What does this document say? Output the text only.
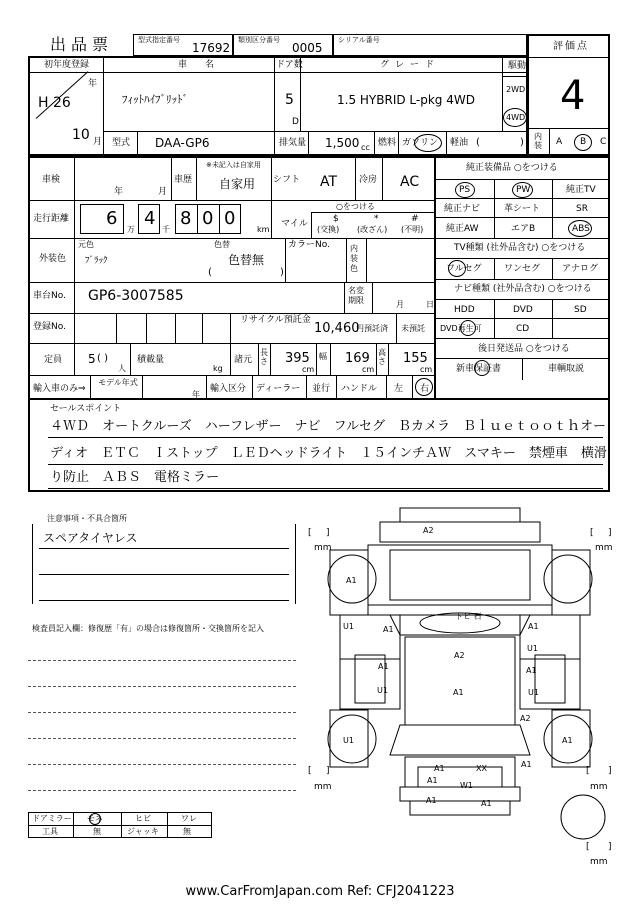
出品票	型式指定番号
17692
類別区分番号
0005
シリアル番号
評価点
4
内装 A B C
初年度登録
H 26
年
10 月
車名
ﾌｨｯﾄﾊｲﾌﾞﾘｯﾄﾞ
ドア数
5
D
グレード
1.5 HYBRID L-pkg 4WD
駆動
2WD
4WD
型式 DAA-GP6	排気量 1,500 cc 燃料 ガソリン 軽油 (	)
車検
年	月
車歴
※未記入は自家用
自家用 シフト AT 冷房 AC
走行距離 6
万
4
千
8 0 0
km
○をつける
マイル	$
(交換)
*
(改ざん)
#
(不明)
外装色
元色
ﾌﾞﾗｯｸ
色替
色替無
(	)
カラーNo.	内装色
車台No. GP6-3007585	名変期限	月	日
登録No.
リサイクル預託金
10,460
円預託済 未預託
定員 5 ( )
人
積載量
kg
諸元
長さ 395
cm
幅 169
cm
高さ 155
cm
輸入車のみ⇒
モデル年式
年
輸入区分 ディーラー 並行 ハンドル 左 右
純正装備品 ○をつける
PS	PW	純正TV
純正ナビ	革シート	SR
純正AW	エアB	ABS
TV種類 (社外品含む) ○をつける
フルセグ ワンセグ アナログ
ナビ種類 (社外品含む) ○をつける
HDD	DVD	SD
DVD再生可	CD
後日発送品 ○をつける
新車保証書	車輌取説
セールスポイント
４ＷＤ　オートクルーズ　ハーフレザー　ナビ　フルセグ　Ｂカメラ　Ｂｌｕｅｔｏｏｔｈオー
ディオ　ＥＴＣ　Ｉストップ　ＬＥＤヘッドライト　１５インチＡＷ　スマキー　禁煙車　横滑
り防止　ＡＢＳ　電格ミラー
注意事項・不具合箇所
スペアタイヤレス
検査員記入欄：修復歴「有」の場合は修復箇所・交換箇所を記入
ドアミラー モネ	ヒビ	ワレ
工具	無	ジャッキ	無
[ ]
mm
[ ]
mm
[ ]
mm
[ ]
mm
[ ]
mm
A2
A1
トビ 石
U1	A1	A1
A2
U1
A1
U1
A1
A1	U1
A2
U1	A1
A1
A1	XX
W1
A1
A1	A1
www.CarFromJapan.com Ref: CFJ2041223
